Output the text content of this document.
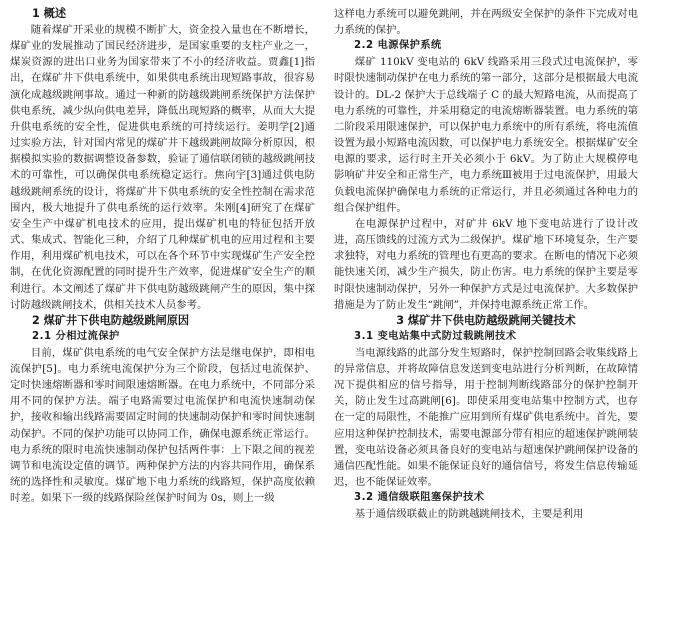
1 概述

随着煤矿开采业的规模不断扩大，资金投入量也在不断增长，煤矿业的发展推动了国民经济进步，是国家重要的支柱产业之一，煤炭资源的进出口业务为国家带来了不小的经济收益。贾鑫[1]指出，在煤矿井下供电系统中，如果供电系统出现短路事故，很容易演化成越级跳闸事故。通过一种新的防越级跳闸系统保护方法保护供电系统，减少纵向供电差异，降低出现短路的概率，从而大大提升供电系统的安全性，促进供电系统的可持续运行。姜明学[2]通过实验方法，针对国内常见的煤矿井下越级跳闸故障分析原因，根据模拟实验的数据调整设备参数，验证了通信联闭锁的越级跳闸技术的可靠性，可以确保供电系统稳定运行。焦向宇[3]通过供电防越级跳闸系统的设计，将煤矿井下供电系统的安全性控制在需求范围内，极大地提升了供电系统的运行效率。朱刚[4]研究了在煤矿安全生产中煤矿机电技术的应用，提出煤矿机电的特征包括开放式、集成式、智能化三种，介绍了几种煤矿机电的应用过程和主要作用，利用煤矿机电技术，可以在各个环节中实现煤矿生产安全控制，在优化资源配置的同时提升生产效率，促进煤矿安全生产的顺利进行。本文阐述了煤矿井下供电防越级跳闸产生的原因，集中探讨防越级跳闸技术，供相关技术人员参考。

2 煤矿井下供电防越级跳闸原因
2.1 分相过流保护

目前，煤矿供电系统的电气安全保护方法是继电保护，即相电流保护[5]。电力系统电流保护分为三个阶段，包括过电流保护、定时快速熔断器和零时间限速熔断器。在电力系统中，不同部分采用不同的保护方法。端子电路需要过电流保护和电流快速制动保护，接收和输出线路需要固定时间的快速制动保护和零时间快速制动保护。不同的保护功能可以协同工作，确保电源系统正常运行。电力系统的限时电流快速制动保护包括两件事：上下限之间的视差调节和电流设定值的调节。两种保护方法的内容共同作用，确保系统的选择性和灵敏度。煤矿地下电力系统的线路短，保护高度依赖时差。如果下一级的线路保险丝保护时间为 0s，则上一级

这样电力系统可以避免跳闸，并在两级安全保护的条件下完成对电力系统的保护。

2.2 电源保护系统

煤矿 110kV 变电站的 6kV 线路采用三段式过电流保护，零时限快速制动保护在电力系统的第一部分，这部分是根据最大电流设计的。DL-2 保护大于总线端子 C 的最大短路电流，从而提高了电力系统的可靠性，并采用稳定的电流熔断器装置。电力系统的第二阶段采用限速保护，可以保护电力系统中的所有系统，将电流值设置为最小短路电流因数，可以保护电力系统安全。根据煤矿安全电源的要求，运行时主开关必须小于 6kV。为了防止大规模停电影响矿井安全和正常生产，电力系统Ⅲ被用于过电流保护，用最大负载电流保护确保电力系统的正常运行，并且必须通过各种电力的组合保护组件。

在电源保护过程中，对矿井 6kV 地下变电站进行了设计改进，高压馈线的过流方式为二级保护。煤矿地下环境复杂，生产要求独特，对电力系统的管理也有更高的要求。在断电的情况下必须能快速关闭，减少生产损失，防止伤害。电力系统的保护主要是零时限快速制动保护，另外一种保护方式是过电流保护。大多数保护措施是为了防止发生“跳闸”，并保持电源系统正常工作。

3 煤矿井下供电防越级跳闸关键技术
3.1 变电站集中式防过载跳闸技术

当电源线路的此部分发生短路时，保护控制回路会收集线路上的异常信息，并将故障信息发送到变电站进行分析判断，在故障情况下提供相应的信号指导，用于控制判断线路部分的保护控制开关，防止发生过高跳闸[6]。即使采用变电站集中控制方式，也存在一定的局限性，不能推广应用到所有煤矿供电系统中。首先，要应用这种保护控制技术，需要电源部分带有相应的超速保护跳闸装置，变电站设备必须具备良好的变电站与超速保护跳闸保护设备的通信匹配性能。如果不能保证良好的通信信号，将发生信息传输延迟，也不能保证效率。

3.2 通信级联阻塞保护技术

基于通信级联截止的防跳越跳闸技术，主要是利用
